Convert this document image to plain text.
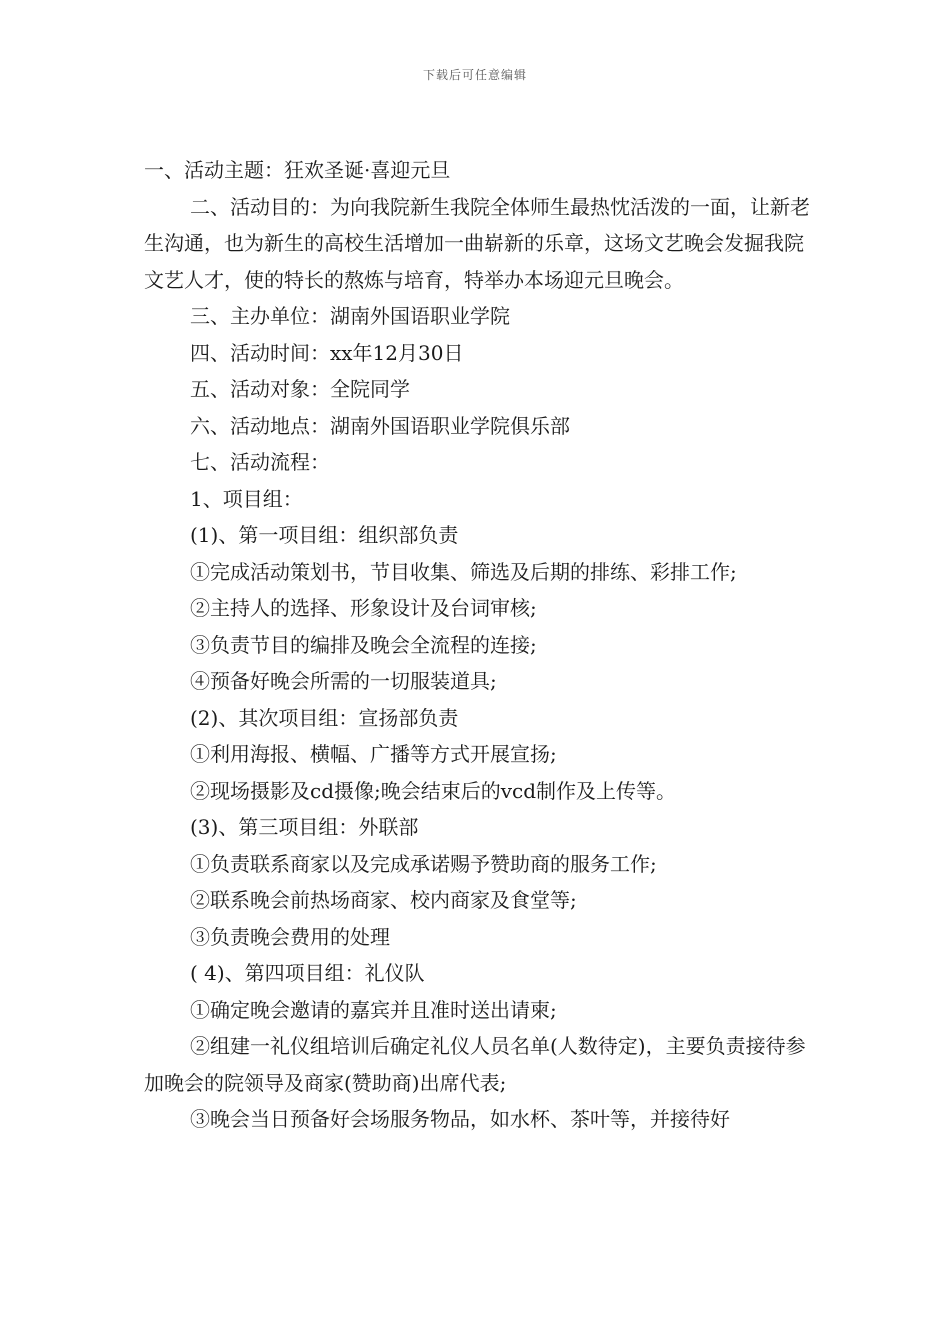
下载后可任意编辑

一、活动主题：狂欢圣诞·喜迎元旦

二、活动目的：为向我院新生我院全体师生最热忱活泼的一面，让新老生沟通，也为新生的高校生活增加一曲崭新的乐章，这场文艺晚会发掘我院文艺人才，使的特长的熬炼与培育，特举办本场迎元旦晚会。

三、主办单位：湖南外国语职业学院

四、活动时间：xx年12月30日

五、活动对象：全院同学

六、活动地点：湖南外国语职业学院俱乐部

七、活动流程：

1、项目组：

(1)、第一项目组：组织部负责

①完成活动策划书，节目收集、筛选及后期的排练、彩排工作;

②主持人的选择、形象设计及台词审核;

③负责节目的编排及晚会全流程的连接;

④预备好晚会所需的一切服装道具;

(2)、其次项目组：宣扬部负责

①利用海报、横幅、广播等方式开展宣扬;

②现场摄影及cd摄像;晚会结束后的vcd制作及上传等。

(3)、第三项目组：外联部

①负责联系商家以及完成承诺赐予赞助商的服务工作;

②联系晚会前热场商家、校内商家及食堂等;

③负责晚会费用的处理

( 4)、第四项目组：礼仪队

①确定晚会邀请的嘉宾并且准时送出请柬;

②组建一礼仪组培训后确定礼仪人员名单(人数待定)，主要负责接待参加晚会的院领导及商家(赞助商)出席代表;

③晚会当日预备好会场服务物品，如水杯、茶叶等，并接待好
